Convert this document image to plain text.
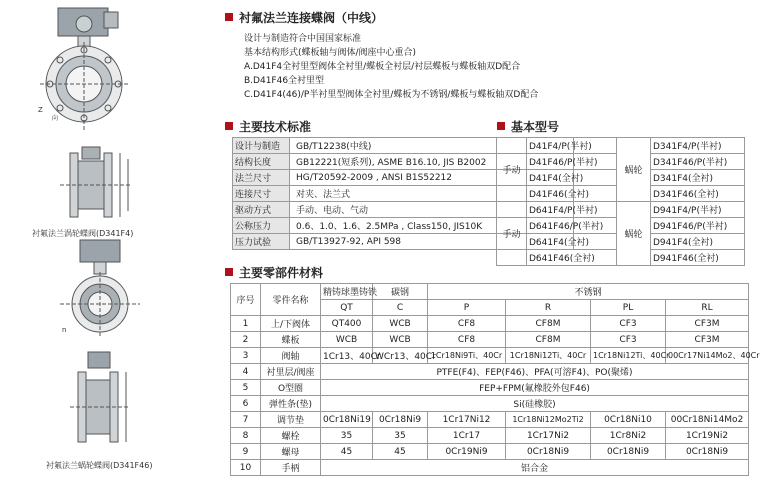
Z
向
衬氟法兰涡轮蝶阀(D341F4)
n
衬氟法兰蜗轮蝶阀(D341F46)
衬氟法兰连接蝶阀（中线）
设计与制造符合中国国家标准
基本结构形式(蝶板轴与阀体/阀座中心重合)
A.D41F4全衬里型阀体全衬里/蝶板全衬层/衬层蝶板与蝶板轴双D配合
B.D41F46全衬里型
C.D41F4(46)/P半衬里型阀体全衬里/蝶板为不锈钢/蝶板与蝶板轴双D配合
主要技术标准
设计与制造	GB/T12238(中线)
结构长度	GB12221(短系列), ASME B16.10, JIS B2002
法兰尺寸	HG/T20592-2009 , ANSI B1S52212
连接尺寸	对夹、法兰式
驱动方式	手动、电动、气动
公称压力	0.6、1.0、1.6、2.5MPa , Class150, JIS10K
压力试验	GB/T13927-92, API 598
基本型号
手动	D41F4/P(半衬)	蜗轮	D341F4/P(半衬)
	D41F46/P(半衬)		D341F46/P(半衬)
	D41F4(全衬)		D341F4(全衬)
	D41F46(全衬)		D341F46(全衬)
手动	D641F4/P(半衬)	蜗轮	D941F4/P(半衬)
	D641F46/P(半衬)		D941F46/P(半衬)
	D641F4(全衬)		D941F4(全衬)
	D641F46(全衬)		D941F46(全衬)
主要零部件材料
序号	零件名称	精铸球墨铸铁	碳钢	不锈钢			
		QT	C	P	R	PL	RL
1	上/下阀体	QT400	WCB	CF8	CF8M	CF3	CF3M
2	蝶板	WCB	WCB	CF8	CF8M	CF3	CF3M
3	阀轴	1Cr13、40Cr	WCr13、40Cr	1Cr18Ni9Ti、40Cr	1Cr18Ni12Ti、40Cr	1Cr18Ni12Ti、40Cr	00Cr17Ni14Mo2、40Cr
4	衬里层/阀座	PTFE(F4)、FEP(F46)、PFA(可溶F4)、PO(聚烯)					
5	O型圈	FEP+FPM(氟橡胶外包F46)					
6	弹性条(垫)	Si(硅橡胶)					
7	调节垫	0Cr18Ni19	0Cr18Ni9	1Cr17Ni12	1Cr18Ni12Mo2Ti2	0Cr18Ni10	00Cr18Ni14Mo2
8	螺栓	35	35	1Cr17	1Cr17Ni2	1Cr8Ni2	1Cr19Ni2
9	螺母	45	45	0Cr19Ni9	0Cr18Ni9	0Cr18Ni9	0Cr18Ni9
10	手柄	铝合金					
